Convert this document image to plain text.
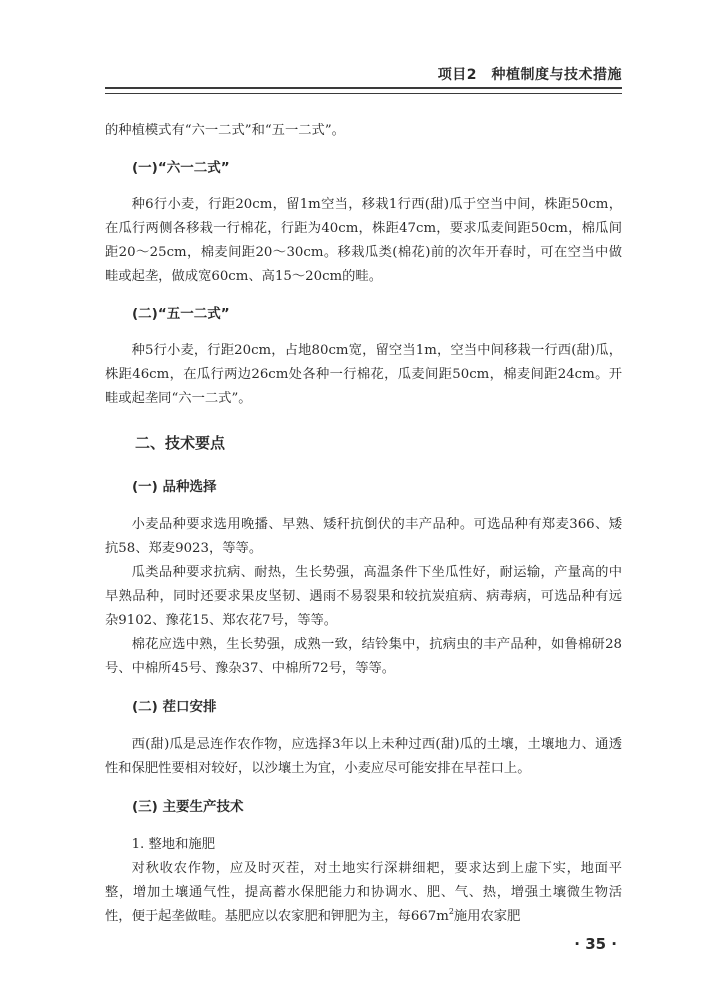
项目2　种植制度与技术措施

的种植模式有“六一二式”和“五一二式”。

(一)“六一二式”

种6行小麦，行距20cm，留1m空当，移栽1行西(甜)瓜于空当中间，株距50cm，在瓜行两侧各移栽一行棉花，行距为40cm，株距47cm，要求瓜麦间距50cm，棉瓜间距20～25cm，棉麦间距20～30cm。移栽瓜类(棉花)前的次年开春时，可在空当中做畦或起垄，做成宽60cm、高15～20cm的畦。

(二)“五一二式”

种5行小麦，行距20cm，占地80cm宽，留空当1m，空当中间移栽一行西(甜)瓜，株距46cm，在瓜行两边26cm处各种一行棉花，瓜麦间距50cm，棉麦间距24cm。开畦或起垄同“六一二式”。

二、技术要点

(一) 品种选择

小麦品种要求选用晚播、早熟、矮秆抗倒伏的丰产品种。可选品种有郑麦366、矮抗58、郑麦9023，等等。

瓜类品种要求抗病、耐热，生长势强，高温条件下坐瓜性好，耐运输，产量高的中早熟品种，同时还要求果皮坚韧、遇雨不易裂果和较抗炭疽病、病毒病，可选品种有远杂9102、豫花15、郑农花7号，等等。

棉花应选中熟，生长势强，成熟一致，结铃集中，抗病虫的丰产品种，如鲁棉研28号、中棉所45号、豫杂37、中棉所72号，等等。

(二) 茬口安排

西(甜)瓜是忌连作农作物，应选择3年以上未种过西(甜)瓜的土壤，土壤地力、通透性和保肥性要相对较好，以沙壤土为宜，小麦应尽可能安排在早茬口上。

(三) 主要生产技术

1. 整地和施肥

对秋收农作物，应及时灭茬，对土地实行深耕细耙，要求达到上虚下实，地面平整，增加土壤通气性，提高蓄水保肥能力和协调水、肥、气、热，增强土壤微生物活性，便于起垄做畦。基肥应以农家肥和钾肥为主，每$667m^2$施用农家肥

· 35 ·
